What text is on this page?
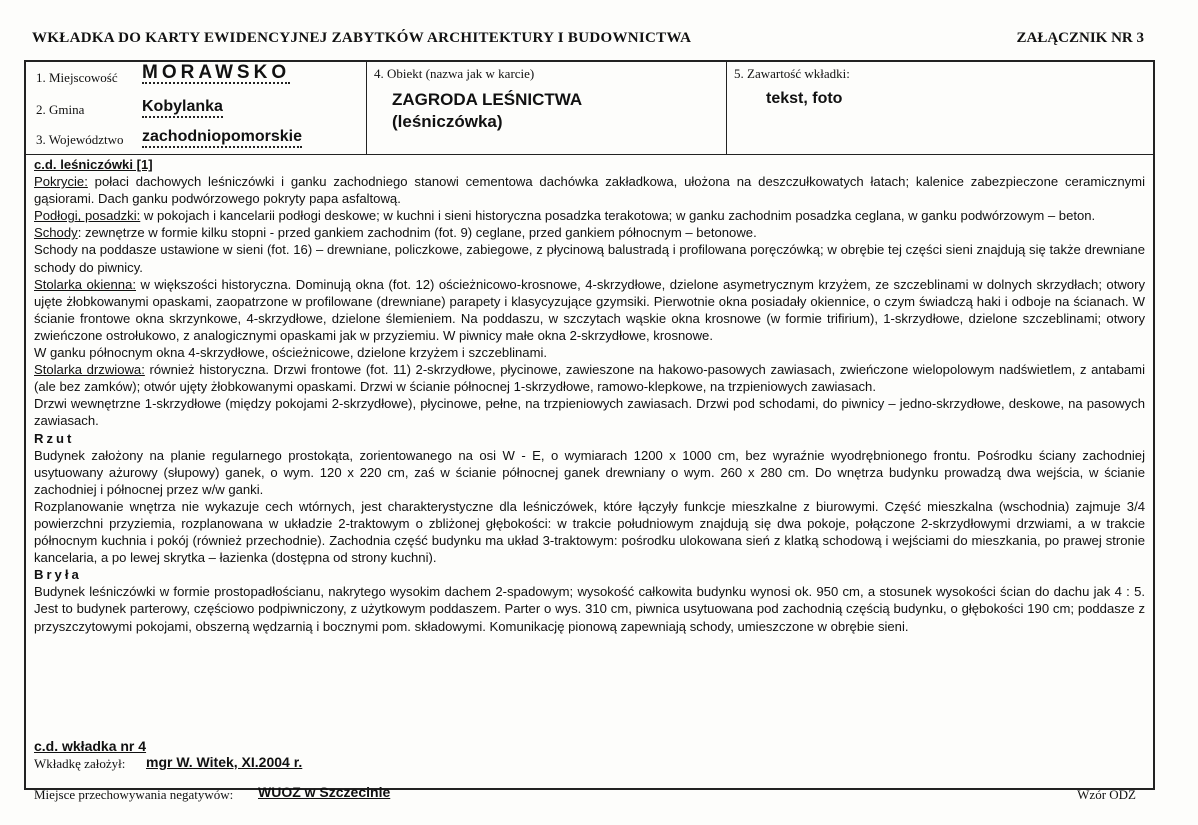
WKŁADKA DO KARTY EWIDENCYJNEJ ZABYTKÓW ARCHITEKTURY I BUDOWNICTWA	ZAŁĄCZNIK NR 3
1. Miejscowość MORAWSKO
2. Gmina	Kobylanka
3. Województwo zachodniopomorskie
4. Obiekt (nazwa jak w karcie)
ZAGRODA LEŚNICTWA
(leśniczówka)
5. Zawartość wkładki:
tekst, foto

c.d. leśniczówki [1]

Pokrycie: połaci dachowych leśniczówki i ganku zachodniego stanowi cementowa dachówka zakładkowa, ułożona na deszczułkowatych łatach; kalenice zabezpieczone ceramicznymi gąsiorami. Dach ganku podwórzowego pokryty papa asfaltową.

Podłogi, posadzki: w pokojach i kancelarii podłogi deskowe; w kuchni i sieni historyczna posadzka terakotowa; w ganku zachodnim posadzka ceglana, w ganku podwórzowym – beton.

Schody: zewnętrze w formie kilku stopni - przed gankiem zachodnim (fot. 9) ceglane, przed gankiem północnym – betonowe.

Schody na poddasze ustawione w sieni (fot. 16) – drewniane, policzkowe, zabiegowe, z płycinową balustradą i profilowana poręczówką; w obrębie tej części sieni znajdują się także drewniane schody do piwnicy.

Stolarka okienna: w większości historyczna. Dominują okna (fot. 12) ościeżnicowo-krosnowe, 4-skrzydłowe, dzielone asymetrycznym krzyżem, ze szczeblinami w dolnych skrzydłach; otwory ujęte żłobkowanymi opaskami, zaopatrzone w profilowane (drewniane) parapety i klasycyzujące gzymsiki. Pierwotnie okna posiadały okiennice, o czym świadczą haki i odboje na ścianach. W ścianie frontowe okna skrzynkowe, 4-skrzydłowe, dzielone ślemieniem. Na poddaszu, w szczytach wąskie okna krosnowe (w formie trifirium), 1-skrzydłowe, dzielone szczeblinami; otwory zwieńczone ostrołukowo, z analogicznymi opaskami jak w przyziemiu. W piwnicy małe okna 2-skrzydłowe, krosnowe.

W ganku północnym okna 4-skrzydłowe, ościeżnicowe, dzielone krzyżem i szczeblinami.

Stolarka drzwiowa: również historyczna. Drzwi frontowe (fot. 11) 2-skrzydłowe, płycinowe, zawieszone na hakowo-pasowych zawiasach, zwieńczone wielopolowym nadświetlem, z antabami (ale bez zamków); otwór ujęty żłobkowanymi opaskami. Drzwi w ścianie północnej 1-skrzydłowe, ramowo-klepkowe, na trzpieniowych zawiasach.

Drzwi wewnętrzne 1-skrzydłowe (między pokojami 2-skrzydłowe), płycinowe, pełne, na trzpieniowych zawiasach. Drzwi pod schodami, do piwnicy – jedno-skrzydłowe, deskowe, na pasowych zawiasach.

Rzut

Budynek założony na planie regularnego prostokąta, zorientowanego na osi W - E, o wymiarach 1200 x 1000 cm, bez wyraźnie wyodrębnionego frontu. Pośrodku ściany zachodniej usytuowany ażurowy (słupowy) ganek, o wym. 120 x 220 cm, zaś w ścianie północnej ganek drewniany o wym. 260 x 280 cm. Do wnętrza budynku prowadzą dwa wejścia, w ścianie zachodniej i północnej przez w/w ganki.

Rozplanowanie wnętrza nie wykazuje cech wtórnych, jest charakterystyczne dla leśniczówek, które łączyły funkcje mieszkalne z biurowymi. Część mieszkalna (wschodnia) zajmuje 3/4 powierzchni przyziemia, rozplanowana w układzie 2-traktowym o zbliżonej głębokości: w trakcie południowym znajdują się dwa pokoje, połączone 2-skrzydłowymi drzwiami, a w trakcie północnym kuchnia i pokój (również przechodnie). Zachodnia część budynku ma układ 3-traktowym: pośrodku ulokowana sień z klatką schodową i wejściami do mieszkania, po prawej stronie kancelaria, a po lewej skrytka – łazienka (dostępna od strony kuchni).

Bryła

Budynek leśniczówki w formie prostopadłościanu, nakrytego wysokim dachem 2-spadowym; wysokość całkowita budynku wynosi ok. 950 cm, a stosunek wysokości ścian do dachu jak 4 : 5. Jest to budynek parterowy, częściowo podpiwniczony, z użytkowym poddaszem. Parter o wys. 310 cm, piwnica usytuowana pod zachodnią częścią budynku, o głębokości 190 cm; poddasze z przyszczytowymi pokojami, obszerną wędzarnią i bocznymi pom. składowymi. Komunikację pionową zapewniają schody, umieszczone w obrębie sieni.

c.d. wkładka nr 4
Wkładkę założył: mgr W. Witek, XI.2004 r.
Miejsce przechowywania negatywów: WUOZ w Szczecinie	Wzór ODZ
